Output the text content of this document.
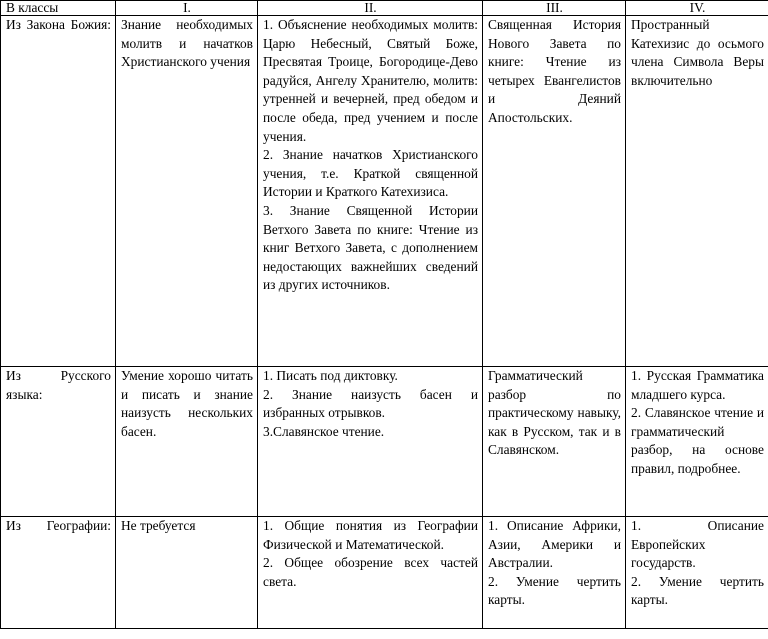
В классы	I.	II.	III.	IV.
Из Закона Божия:	Знание необходимых молитв и начатков Христианского учения	1. Объяснение необходимых молитв: Царю Небесный, Святый Боже, Пресвятая Троице, Богородице-Дево радуйся, Ангелу Хранителю, молитв: утренней и вечерней, пред обедом и после обеда, пред учением и после учения.
2. Знание начатков Христианского учения, т.е. Краткой священной Истории и Краткого Катехизиса.
3. Знание Священной Истории Ветхого Завета по книге: Чтение из книг Ветхого Завета, с дополнением недостающих важнейших сведений из других источников.	Священная История Нового Завета по книге: Чтение из четырех Евангелистов и Деяний Апостольских.	Пространный Катехизис до осьмого члена Символа Веры включительно
Из Русского языка:	Умение хорошо читать и писать и знание наизусть нескольких басен.	1. Писать под диктовку.
2. Знание наизусть басен и избранных отрывков.
3.Славянское чтение.	Грамматический разбор по практическому навыку, как в Русском, так и в Славянском.	1. Русская Грамматика младшего курса.
2. Славянское чтение и грамматический разбор, на основе правил, подробнее.

Из Географии:	Не требуется	1. Общие понятия из Географии Физической и Математической.
2. Общее обозрение всех частей света.	1. Описание Африки, Азии, Америки и Австралии.
2. Умение чертить карты.	1. Описание Европейских государств.
2. Умение чертить карты.
